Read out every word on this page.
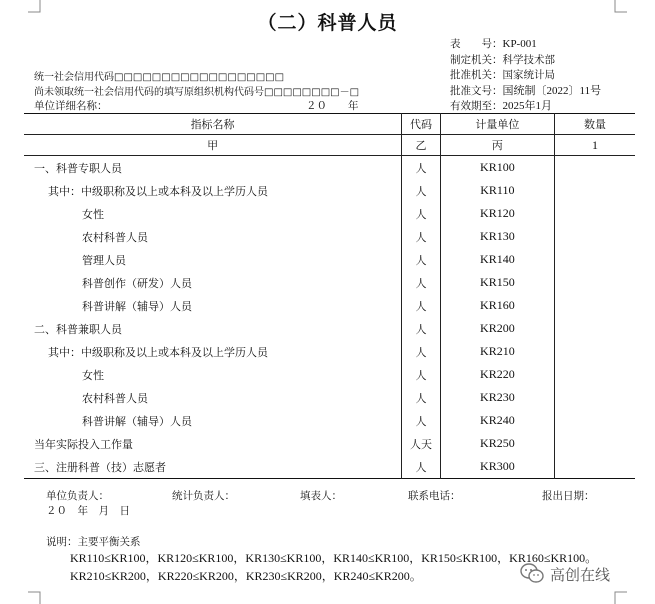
（二）科普人员
表　　号：KP-001
制定机关：科学技术部
批准机关：国家统计局
批准文号：国统制〔2022〕11号
有效期至：2025年1月
统一社会信用代码□□□□□□□□□□□□□□□□□□
尚未领取统一社会信用代码的填写原组织机构代码号□□□□□□□□－□
单位详细名称：	２０　　年
指标名称	代码	计量单位	数量
甲	乙	丙	1
一、科普专职人员	人	KR100	
其中：中级职称及以上或本科及以上学历人员	人	KR110	
女性	人	KR120	
农村科普人员	人	KR130	
管理人员	人	KR140	
科普创作（研发）人员	人	KR150	
科普讲解（辅导）人员	人	KR160	
二、科普兼职人员	人	KR200	
其中：中级职称及以上或本科及以上学历人员	人	KR210	
女性	人	KR220	
农村科普人员	人	KR230	
科普讲解（辅导）人员	人	KR240	
当年实际投入工作量	人天	KR250	
三、注册科普（技）志愿者	人	KR300	
单位负责人：	统计负责人：	填表人：	联系电话：	报出日期：
２０　年　月　日
说明：主要平衡关系
KR110≤KR100，KR120≤KR100，KR130≤KR100，KR140≤KR100，KR150≤KR100，KR160≤KR100。
KR210≤KR200，KR220≤KR200，KR230≤KR200，KR240≤KR200。	高创在线
